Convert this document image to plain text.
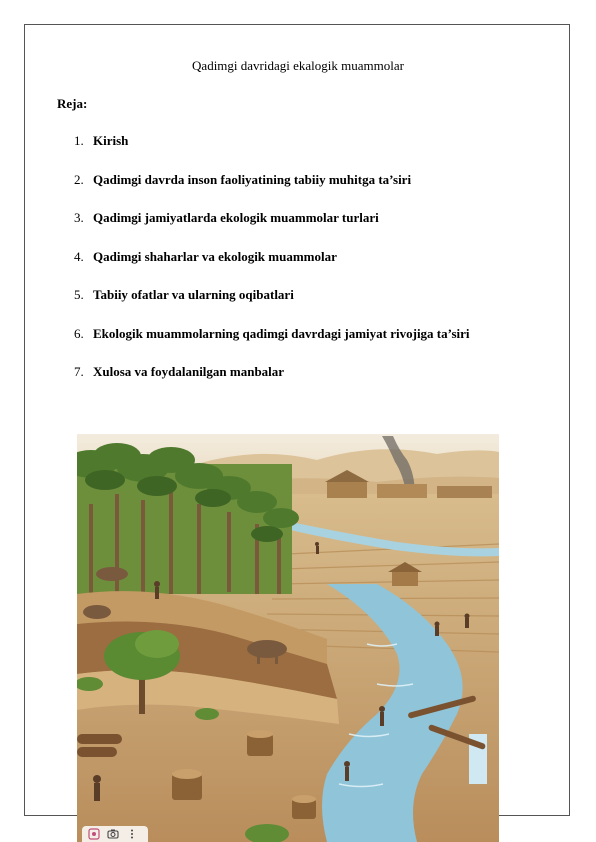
Qadimgi davridagi ekalogik muammolar
Reja:
1. Kirish
2. Qadimgi davrda inson faoliyatining tabiiy muhitga ta’siri
3. Qadimgi jamiyatlarda ekologik muammolar turlari
4. Qadimgi shaharlar va ekologik muammolar
5. Tabiiy ofatlar va ularning oqibatlari
6. Ekologik muammolarning qadimgi davrdagi jamiyat rivojiga ta’siri
7. Xulosa va foydalanilgan manbalar
